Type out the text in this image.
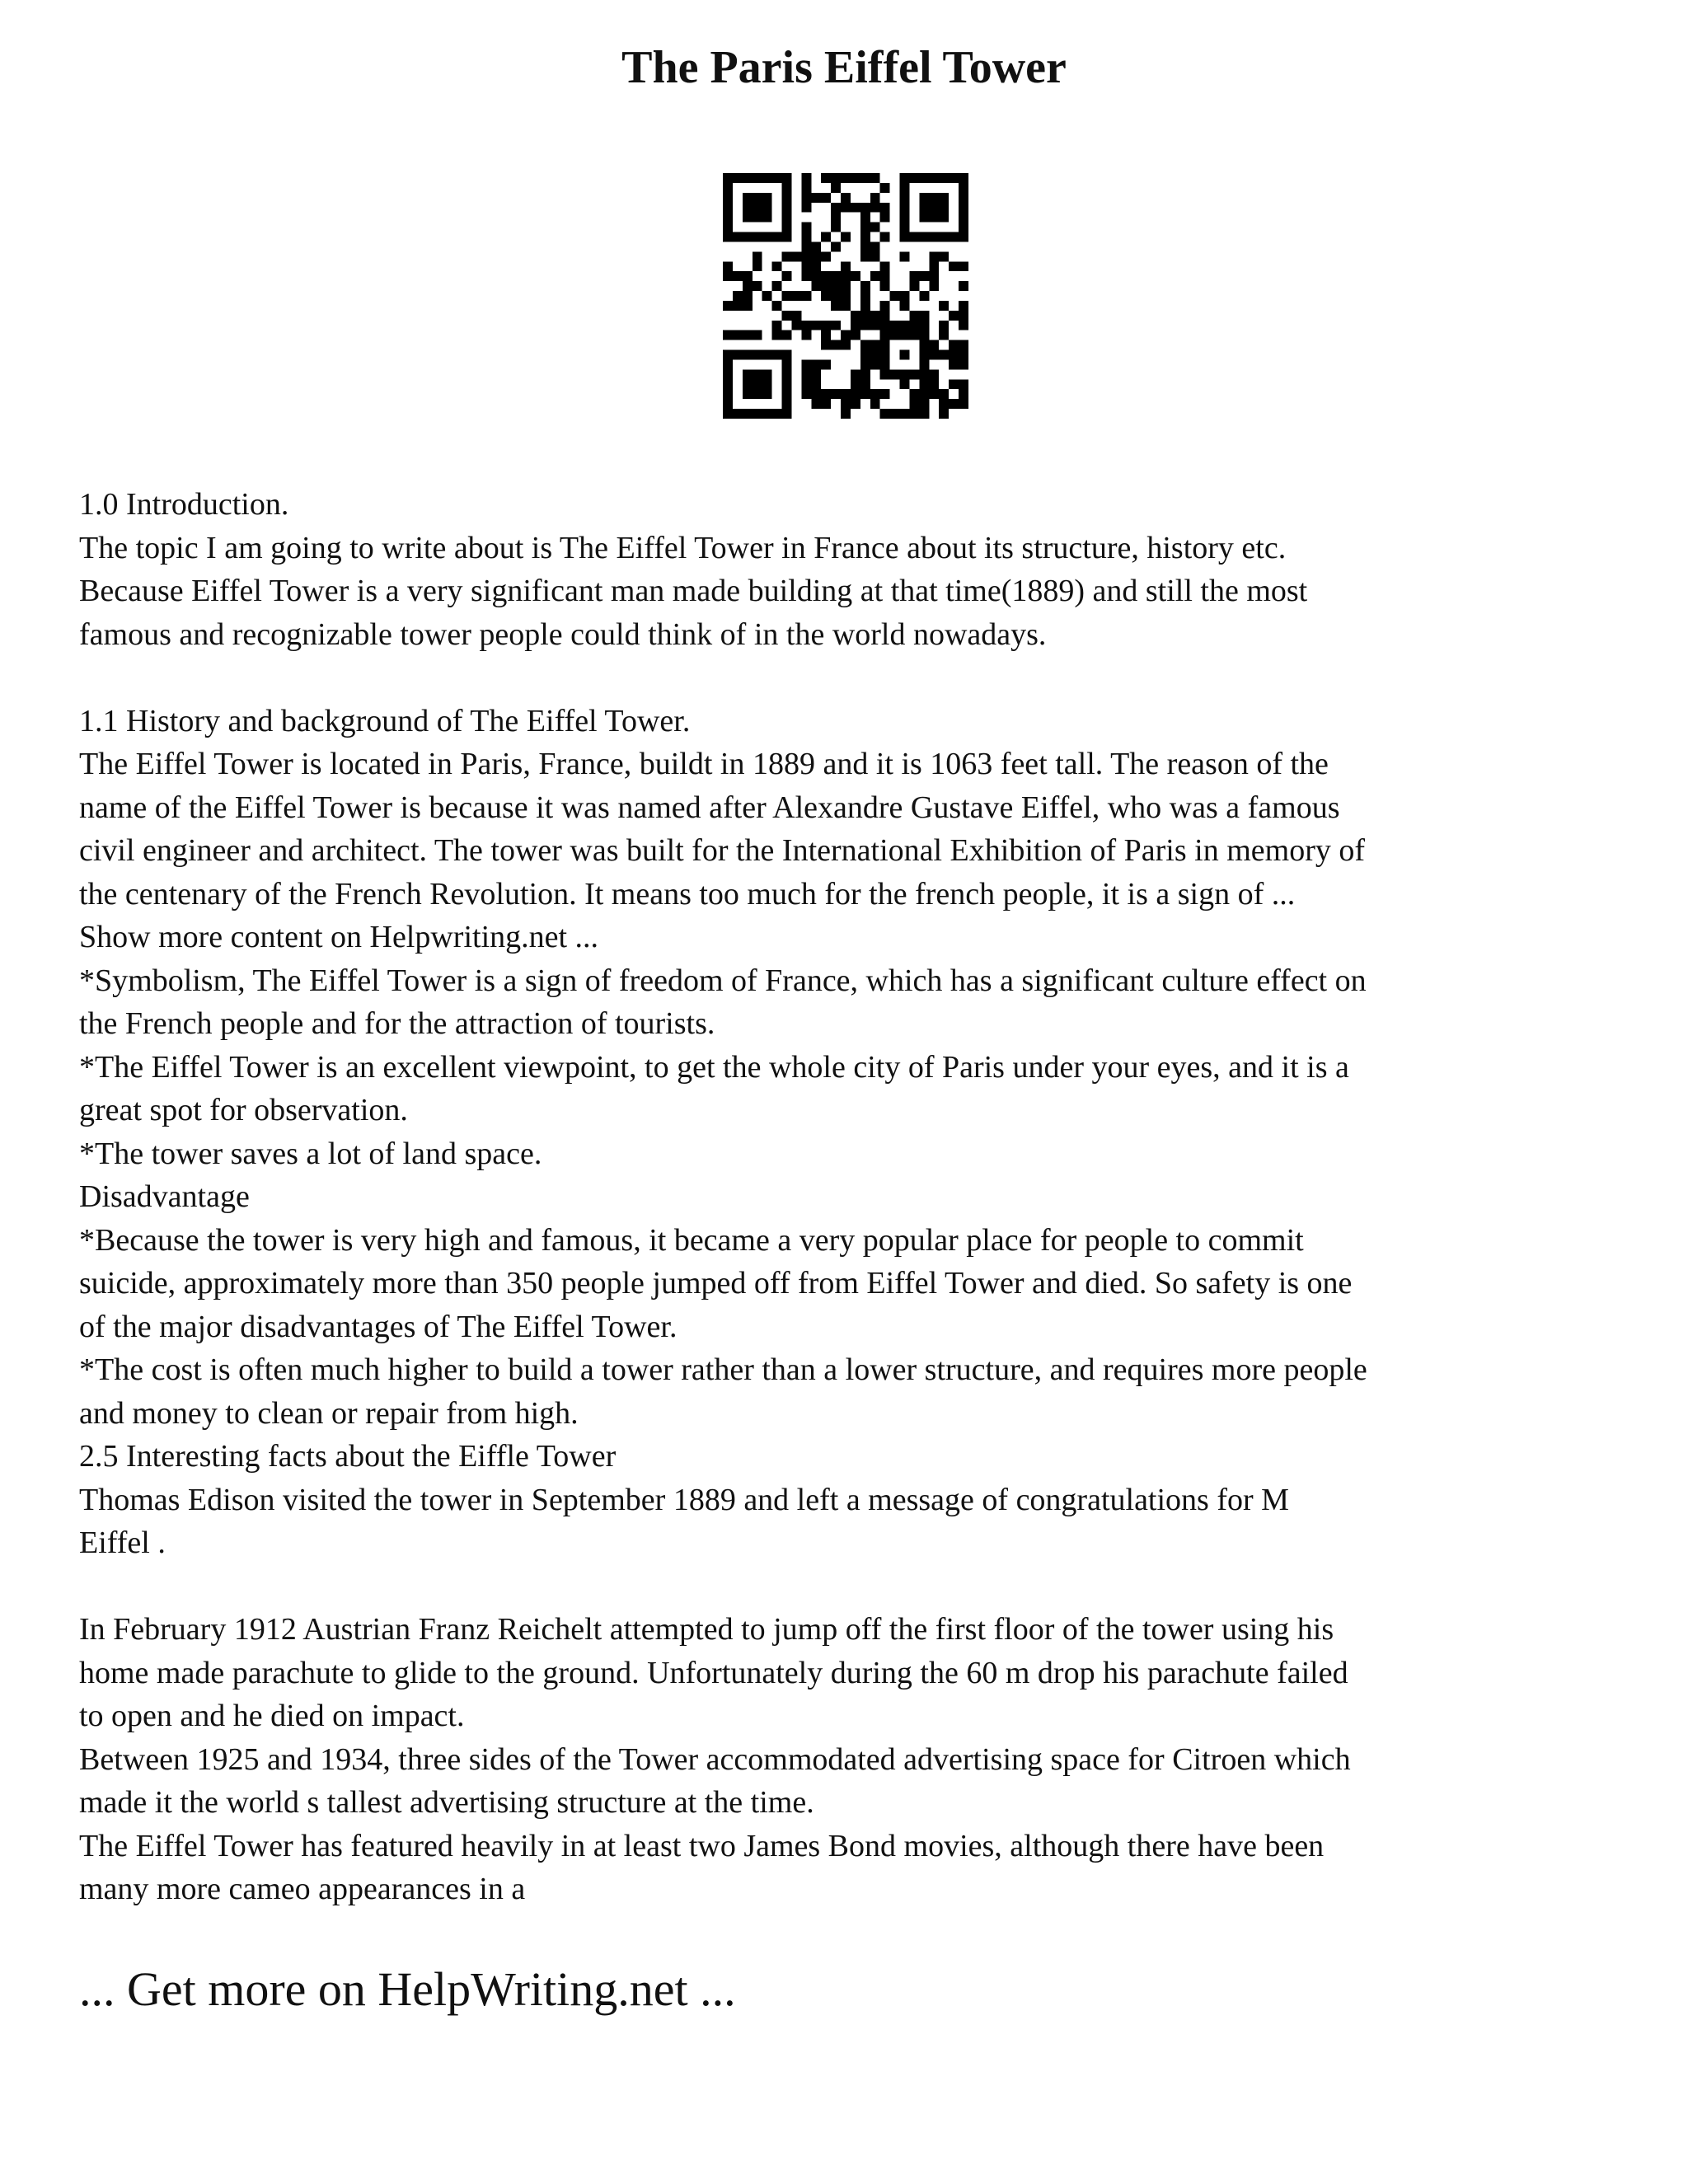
The Paris Eiffel Tower
1.0 Introduction.
The topic I am going to write about is The Eiffel Tower in France about its structure, history etc.
Because Eiffel Tower is a very significant man made building at that time(1889) and still the most
famous and recognizable tower people could think of in the world nowadays.
1.1 History and background of The Eiffel Tower.
The Eiffel Tower is located in Paris, France, buildt in 1889 and it is 1063 feet tall. The reason of the
name of the Eiffel Tower is because it was named after Alexandre Gustave Eiffel, who was a famous
civil engineer and architect. The tower was built for the International Exhibition of Paris in memory of
the centenary of the French Revolution. It means too much for the french people, it is a sign of ...
Show more content on Helpwriting.net ...
*Symbolism, The Eiffel Tower is a sign of freedom of France, which has a significant culture effect on
the French people and for the attraction of tourists.
*The Eiffel Tower is an excellent viewpoint, to get the whole city of Paris under your eyes, and it is a
great spot for observation.
*The tower saves a lot of land space.
Disadvantage
*Because the tower is very high and famous, it became a very popular place for people to commit
suicide, approximately more than 350 people jumped off from Eiffel Tower and died. So safety is one
of the major disadvantages of The Eiffel Tower.
*The cost is often much higher to build a tower rather than a lower structure, and requires more people
and money to clean or repair from high.
2.5 Interesting facts about the Eiffle Tower
Thomas Edison visited the tower in September 1889 and left a message of congratulations for M
Eiffel .
In February 1912 Austrian Franz Reichelt attempted to jump off the first floor of the tower using his
home made parachute to glide to the ground. Unfortunately during the 60 m drop his parachute failed
to open and he died on impact.
Between 1925 and 1934, three sides of the Tower accommodated advertising space for Citroen which
made it the world s tallest advertising structure at the time.
The Eiffel Tower has featured heavily in at least two James Bond movies, although there have been
many more cameo appearances in a
... Get more on HelpWriting.net ...
